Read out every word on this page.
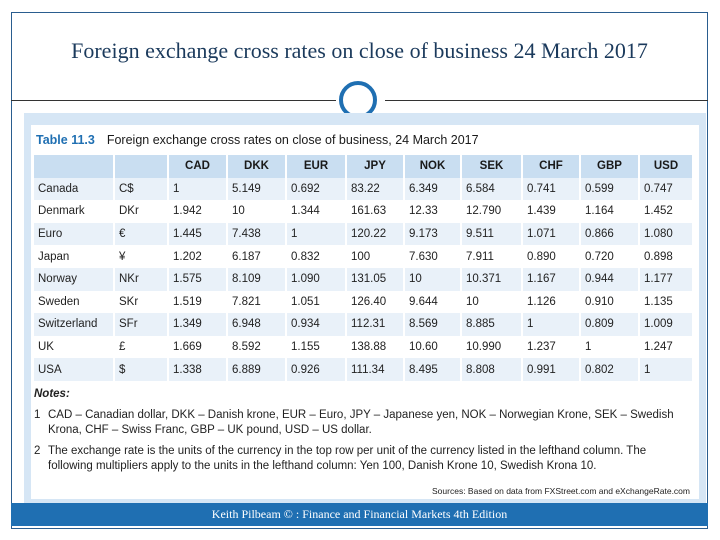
Foreign exchange cross rates on close of business 24 March 2017
Table 11.3 Foreign exchange cross rates on close of business, 24 March 2017
		CAD	DKK	EUR	JPY	NOK	SEK	CHF	GBP	USD
Canada	C$	1	5.149	0.692	83.22	6.349	6.584	0.741	0.599	0.747
Denmark	DKr	1.942	10	1.344	161.63	12.33	12.790	1.439	1.164	1.452
Euro	€	1.445	7.438	1	120.22	9.173	9.511	1.071	0.866	1.080
Japan	¥	1.202	6.187	0.832	100	7.630	7.911	0.890	0.720	0.898
Norway	NKr	1.575	8.109	1.090	131.05	10	10.371	1.167	0.944	1.177
Sweden	SKr	1.519	7.821	1.051	126.40	9.644	10	1.126	0.910	1.135
Switzerland	SFr	1.349	6.948	0.934	112.31	8.569	8.885	1	0.809	1.009
UK	£	1.669	8.592	1.155	138.88	10.60	10.990	1.237	1	1.247
USA	$	1.338	6.889	0.926	111.34	8.495	8.808	0.991	0.802	1
Notes:
1 CAD – Canadian dollar, DKK – Danish krone, EUR – Euro, JPY – Japanese yen, NOK – Norwegian Krone, SEK – Swedish Krona, CHF – Swiss Franc, GBP – UK pound, USD – US dollar.
2 The exchange rate is the units of the currency in the top row per unit of the currency listed in the lefthand column. The following multipliers apply to the units in the lefthand column: Yen 100, Danish Krone 10, Swedish Krona 10.
Sources: Based on data from FXStreet.com and eXchangeRate.com
Keith Pilbeam © : Finance and Financial Markets 4th Edition
